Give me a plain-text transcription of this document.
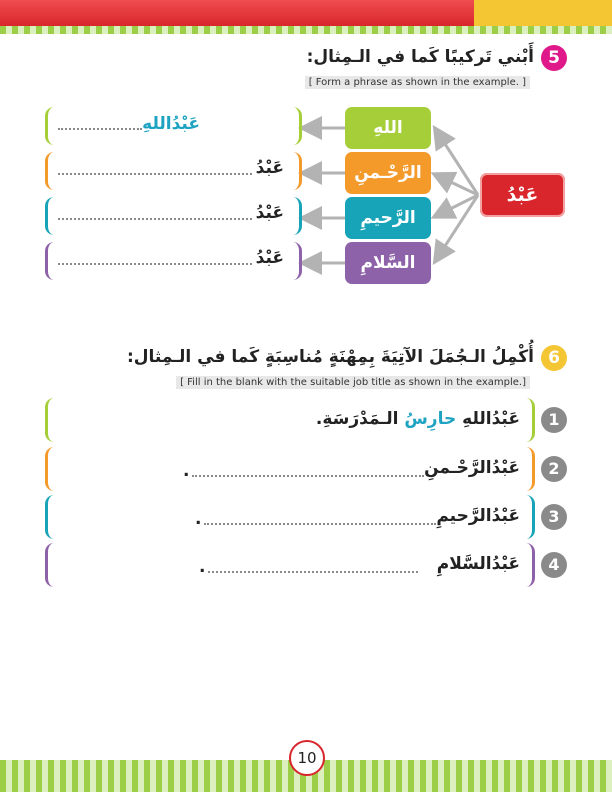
5
أَبْني تَركيبًا كَما في الـمِثال:
[ Form a phrase as shown in the example. ]
عَبْدُ
اللهِ
الرَّحْـمنِ
الرَّحيمِ
السَّلامِ
عَبْدُاللهِ
عَبْدُ
عَبْدُ
عَبْدُ
6
أُكْمِلُ الـجُمَلَ الآتِيَةَ بِمِهْنَةٍ مُناسِبَةٍ كَما في الـمِثال:
[ Fill in the blank with the suitable job title as shown in the example.]
1
عَبْدُاللهِ حارِسُ الـمَدْرَسَةِ.
2
عَبْدُالرَّحْـمنِ
.
3
عَبْدُالرَّحيمِ
.
4
عَبْدُالسَّلامِ
.
10
